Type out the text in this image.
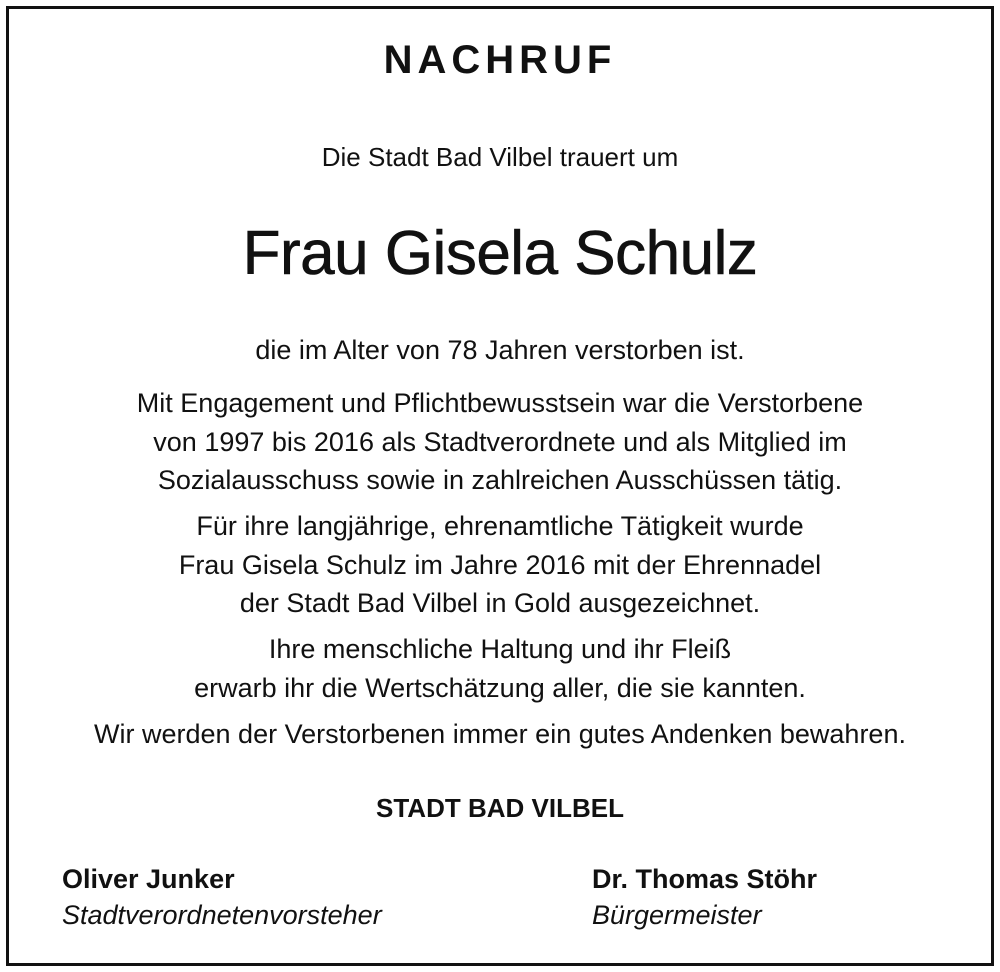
NACHRUF
Die Stadt Bad Vilbel trauert um
Frau Gisela Schulz
die im Alter von 78 Jahren verstorben ist.
Mit Engagement und Pflichtbewusstsein war die Verstorbene
von 1997 bis 2016 als Stadtverordnete und als Mitglied im
Sozialausschuss sowie in zahlreichen Ausschüssen tätig.
Für ihre langjährige, ehrenamtliche Tätigkeit wurde
Frau Gisela Schulz im Jahre 2016 mit der Ehrennadel
der Stadt Bad Vilbel in Gold ausgezeichnet.
Ihre menschliche Haltung und ihr Fleiß
erwarb ihr die Wertschätzung aller, die sie kannten.
Wir werden der Verstorbenen immer ein gutes Andenken bewahren.
STADT BAD VILBEL
Oliver Junker
Stadtverordnetenvorsteher
Dr. Thomas Stöhr
Bürgermeister
